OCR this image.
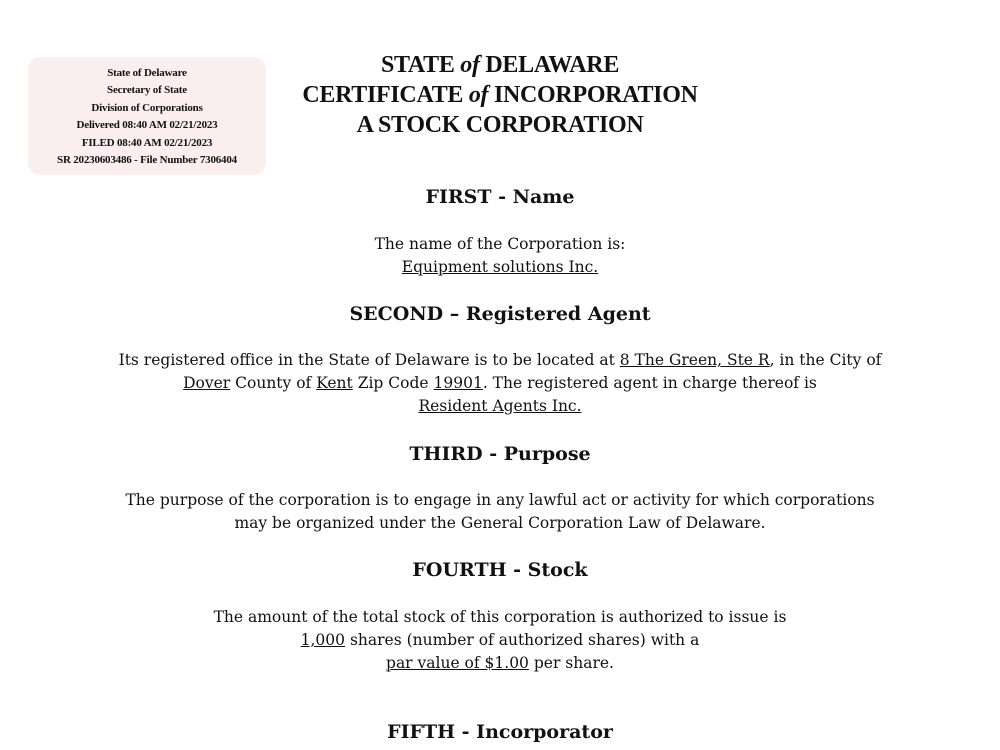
State of Delaware
Secretary of State
Division of Corporations
Delivered 08:40 AM 02/21/2023
FILED 08:40 AM 02/21/2023
SR 20230603486 - File Number 7306404
STATE of DELAWARE
CERTIFICATE of INCORPORATION
A STOCK CORPORATION
FIRST - Name
The name of the Corporation is:
Equipment solutions Inc.
SECOND – Registered Agent
Its registered office in the State of Delaware is to be located at 8 The Green, Ste R, in the City of
Dover County of Kent Zip Code 19901. The registered agent in charge thereof is
Resident Agents Inc.
THIRD - Purpose
The purpose of the corporation is to engage in any lawful act or activity for which corporations
may be organized under the General Corporation Law of Delaware.
FOURTH - Stock
The amount of the total stock of this corporation is authorized to issue is
1,000 shares (number of authorized shares) with a
par value of $1.00 per share.
FIFTH - Incorporator
